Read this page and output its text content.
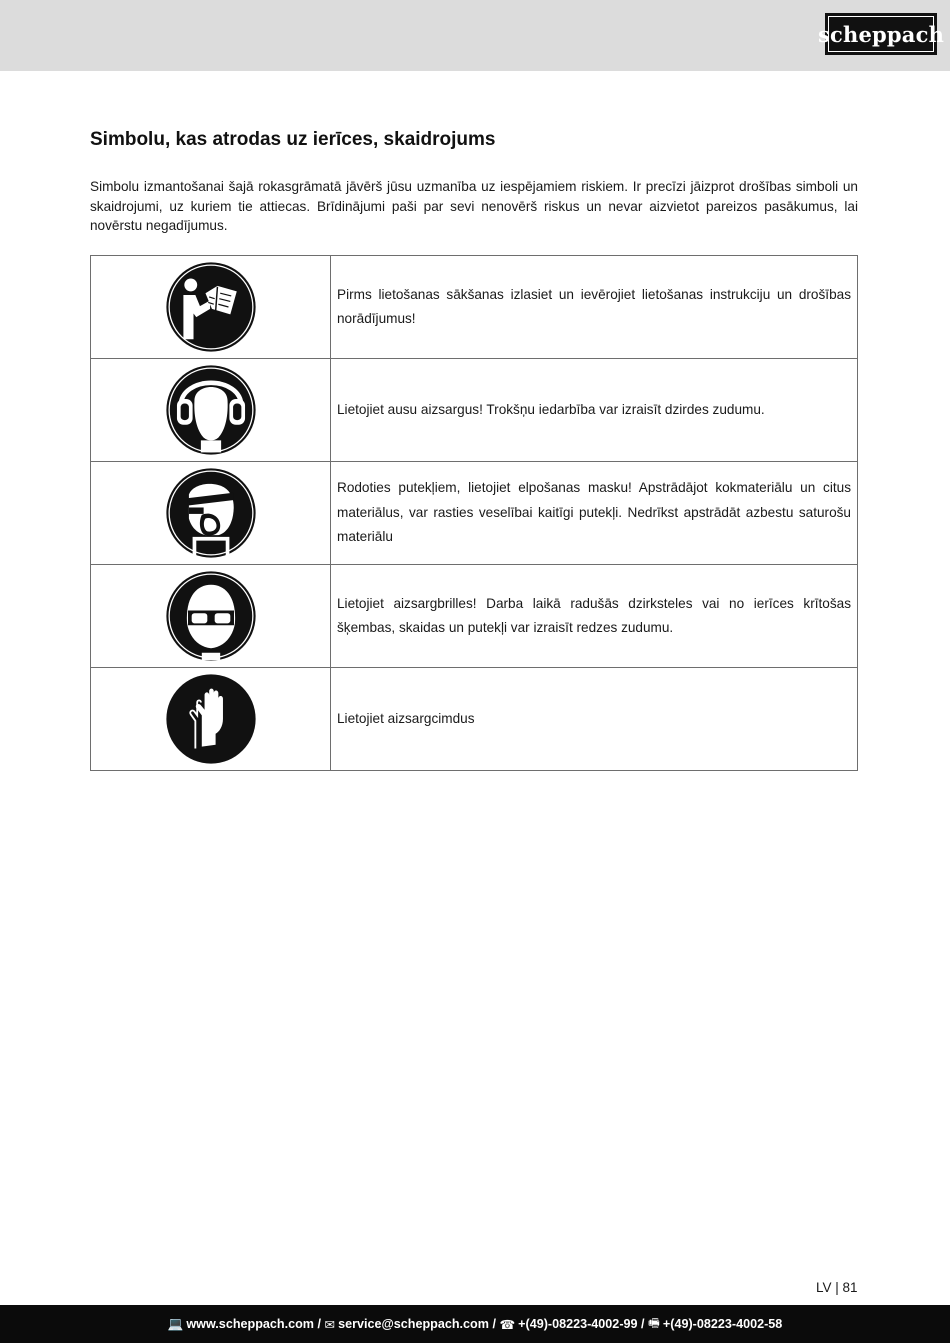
scheppach
Simbolu, kas atrodas uz ierīces, skaidrojums

Simbolu izmantošanai šajā rokasgrāmatā jāvērš jūsu uzmanība uz iespējamiem riskiem. Ir precīzi jāizprot drošības simboli un skaidrojumi, uz kuriem tie attiecas. Brīdinājumi paši par sevi nenovērš riskus un nevar aizvietot pareizos pasākumus, lai novērstu negadījumus.

	Pirms lietošanas sākšanas izlasiet un ievērojiet lietošanas instrukciju un drošības norādījumus!

	Lietojiet ausu aizsargus! Trokšņu iedarbība var izraisīt dzirdes zudumu.

	Rodoties putekļiem, lietojiet elpošanas masku! Apstrādājot kokmateriālu un citus materiālus, var rasties veselībai kaitīgi putekļi. Nedrīkst apstrādāt azbestu saturošu materiālu

	Lietojiet aizsargbrilles! Darba laikā radušās dzirksteles vai no ierīces krītošas šķembas, skaidas un putekļi var izraisīt redzes zudumu.

	Lietojiet aizsargcimdus
LV | 81
💻 www.scheppach.com /
✉ service@scheppach.com /
☎ +(49)-08223-4002-99 /
🖷 +(49)-08223-4002-58
